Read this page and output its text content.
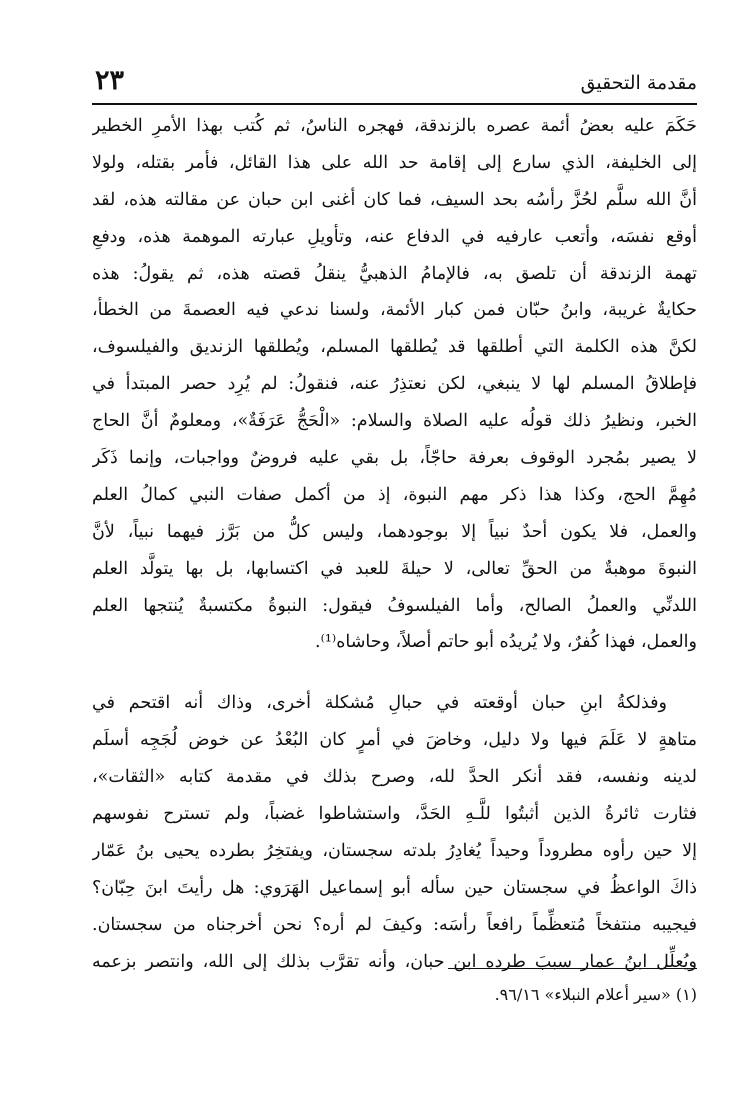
مقدمة التحقيق
٢٣
حَكَمَ عليه بعضُ أئمة عصره بالزندقة، فهجره الناسُ، ثم كُتب بهذا الأمرِ الخطير
إلى الخليفة، الذي سارع إلى إقامة حد الله على هذا القائل، فأمر بقتله، ولولا
أنَّ الله سلَّم لحُزَّ رأسُه بحد السيف، فما كان أغنى ابن حبان عن مقالته هذه، لقد
أوقع نفسَه، وأتعب عارفيه في الدفاع عنه، وتأويلِ عبارته الموهمة هذه، ودفعِ
تهمة الزندقة أن تلصق به، فالإمامُ الذهبيُّ ينقلُ قصته هذه، ثم يقولُ: هذه
حكايةٌ غريبة، وابنُ حبّان فمن كبار الأئمة، ولسنا ندعي فيه العصمةَ من الخطأ،
لكنَّ هذه الكلمة التي أطلقها قد يُطلقها المسلم، ويُطلقها الزنديق والفيلسوف،
فإطلاقُ المسلم لها لا ينبغي، لكن نعتذِرُ عنه، فنقولُ: لم يُرِد حصر المبتدأ في
الخبر، ونظيرُ ذلك قولُه عليه الصلاة والسلام: «الْحَجُّ عَرَفَةٌ»، ومعلومٌ أنَّ الحاج
لا يصير بمُجرد الوقوف بعرفة حاجّاً، بل بقي عليه فروضٌ وواجبات، وإنما ذَكَر
مُهِمَّ الحج، وكذا هذا ذكر مهم النبوة، إذ من أكمل صفات النبي كمالُ العلم
والعمل، فلا يكون أحدٌ نبياً إلا بوجودهما، وليس كلُّ من بَرَّز فيهما نبياً، لأنَّ
النبوةَ موهبةٌ من الحقِّ تعالى، لا حيلةَ للعبد في اكتسابها، بل بها يتولَّد العلم
اللدنِّي والعملُ الصالح، وأما الفيلسوفُ فيقول: النبوةُ مكتسبةٌ يُنتجها العلم
والعمل، فهذا كُفرٌ، ولا يُريدُه أبو حاتم أصلاً، وحاشاه⁽¹⁾.
وفذلكةُ ابنِ حبان أوقعته في حبالِ مُشكلة أخرى، وذاك أنه اقتحم في
متاهةٍ لا عَلَمَ فيها ولا دليل، وخاضَ في أمرٍ كان البُعْدُ عن خوض لُجَجِه أسلَم
لدينه ونفسه، فقد أنكر الحدَّ لله، وصرح بذلك في مقدمة كتابه «الثقات»،
فثارت ثائرةُ الذين أثبتُوا للَّـهِ الحَدَّ، واستشاطوا غضباً، ولم تسترح نفوسهم
إلا حين رأوه مطروداً وحيداً يُغادِرُ بلدته سجستان، ويفتخِرُ بطرده يحيى بنُ عَمّار
ذاكَ الواعظُ في سجستان حين سأله أبو إسماعيل الهَرَوي: هل رأيتَ ابنَ حِبّان؟
فيجيبه منتفخاً مُتعظِّماً رافعاً رأسَه: وكيفَ لم أره؟ نحن أخرجناه من سجستان.
ويُعلِّل ابنُ عمار سببَ طرده ابن حبان، وأنه تقرَّب بذلك إلى الله، وانتصر بزعمه
(١) «سير أعلام النبلاء» ٩٦/١٦.
